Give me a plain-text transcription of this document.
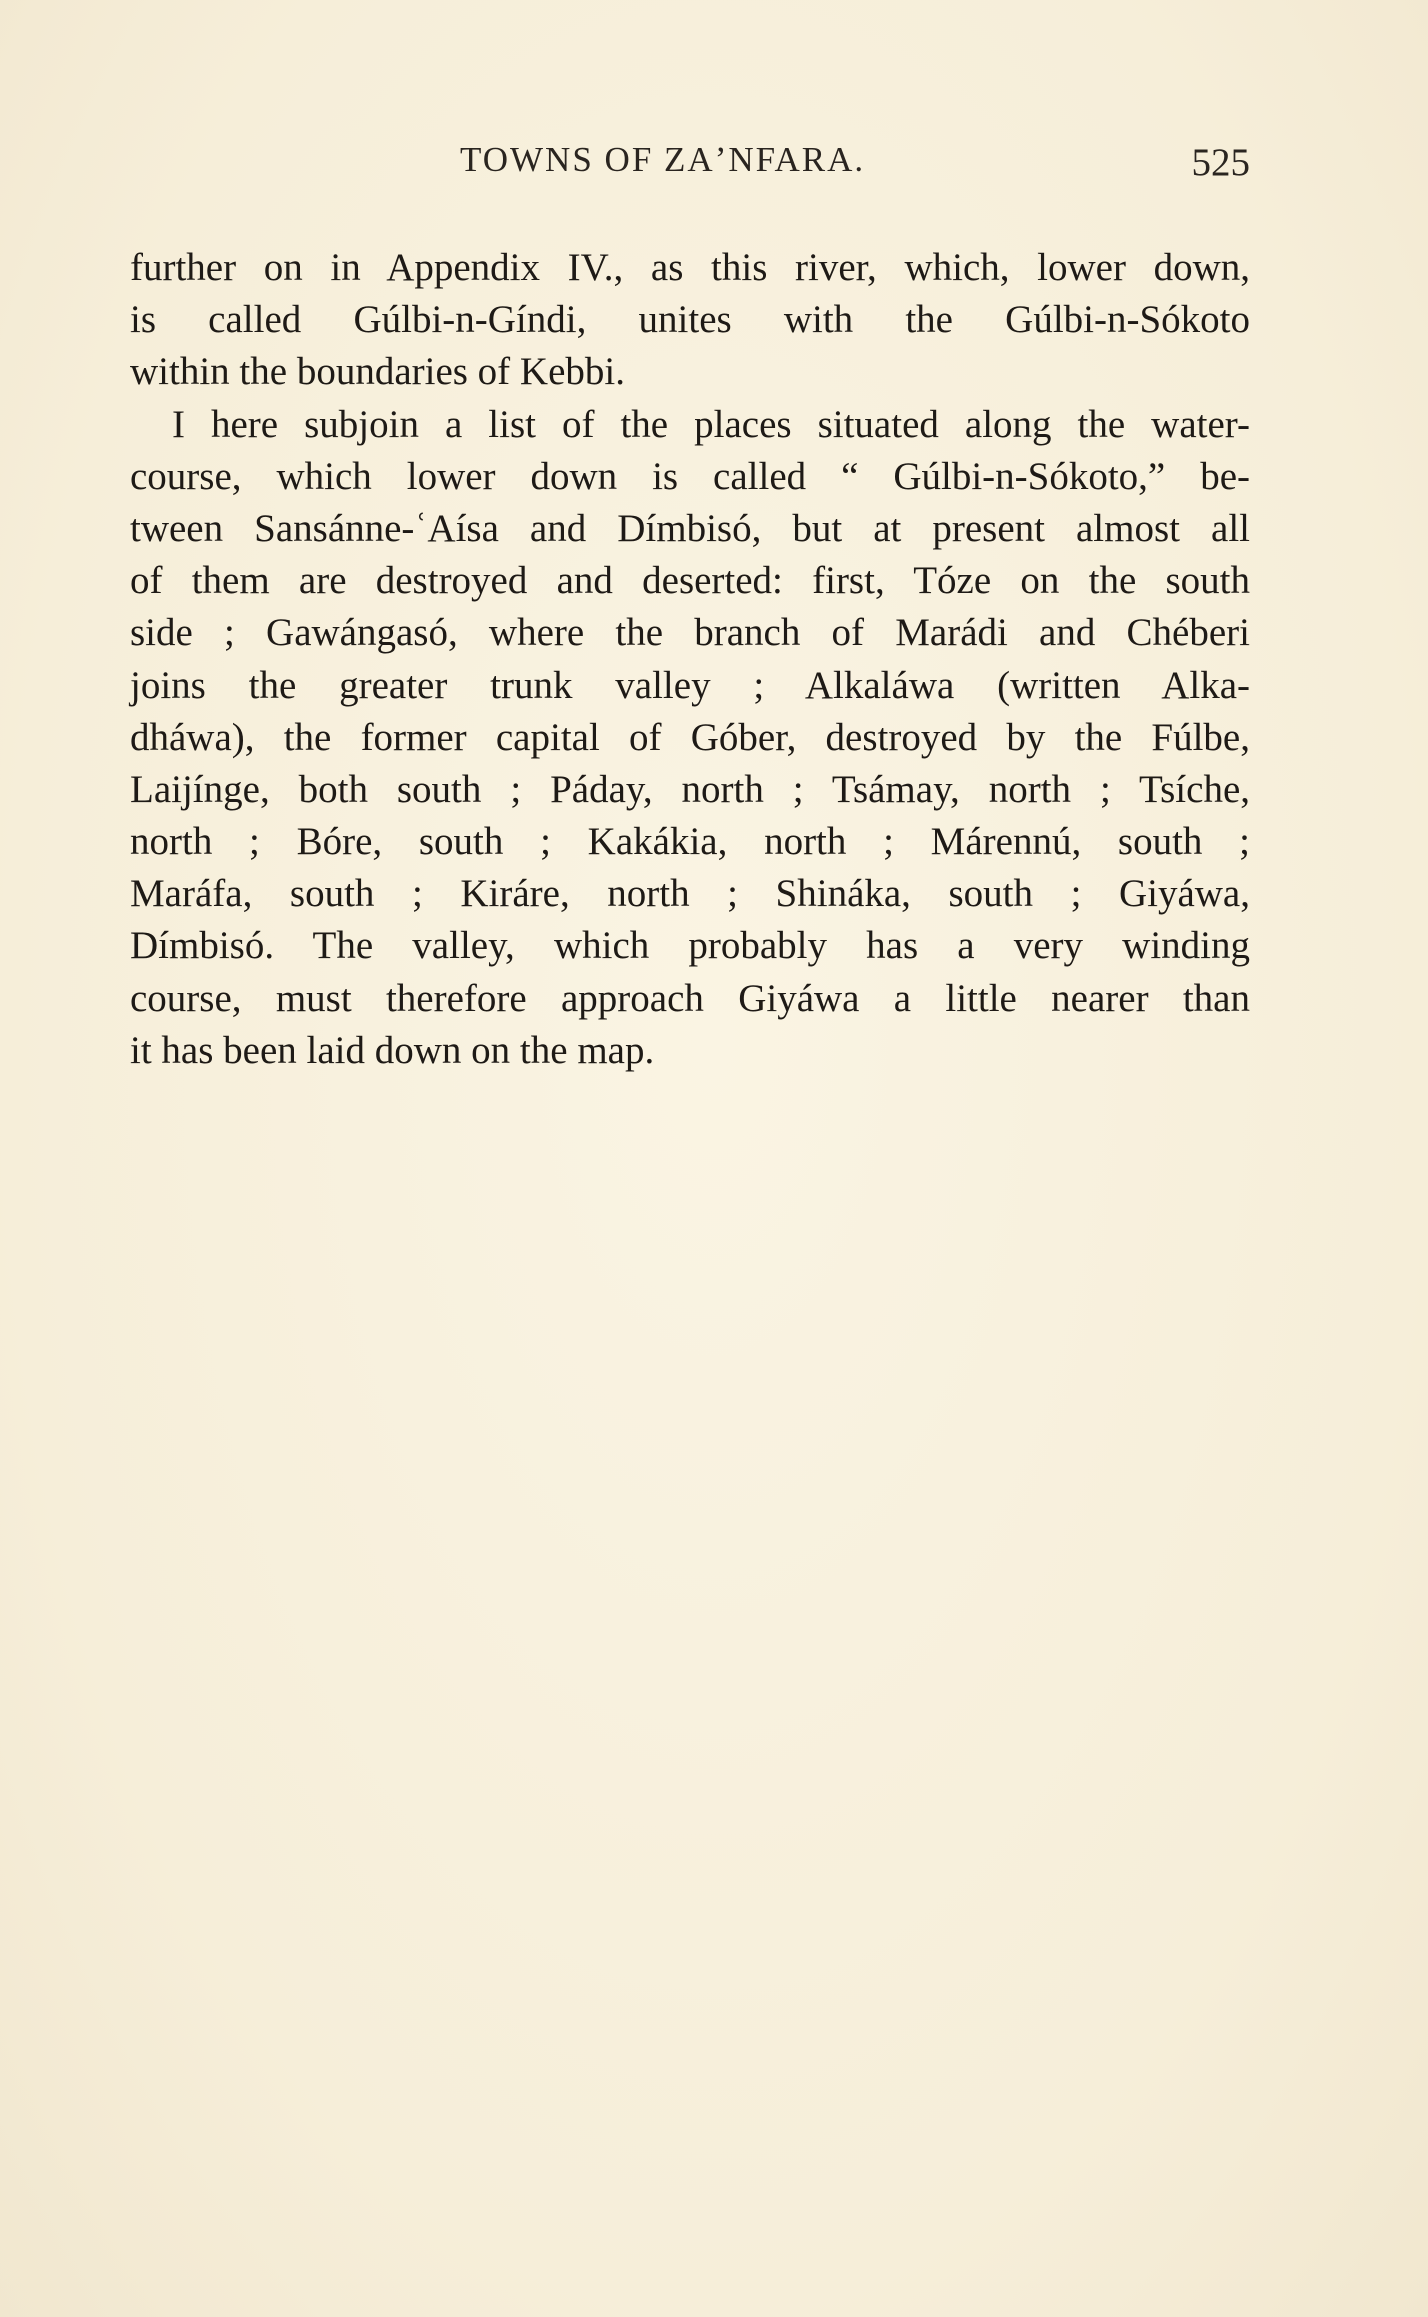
TOWNS OF ZAʼNFARA.	525

further on in Appendix IV., as this river, which, lower down,
is called Gúlbi-n-Gíndi, unites with the Gúlbi-n-Sókoto
within the boundaries of Kebbi.

I here subjoin a list of the places situated along the water-
course, which lower down is called “ Gúlbi-n-Sókoto,” be-
tween Sansánne-ʿAísa and Dímbisó, but at present almost all
of them are destroyed and deserted: first, Tóze on the south
side ; Gawángasó, where the branch of Marádi and Chéberi
joins the greater trunk valley ; Alkaláwa (written Alka-
dháwa), the former capital of Góber, destroyed by the Fúlbe,
Laijínge, both south ; Páday, north ; Tsámay, north ; Tsíche,
north ; Bóre, south ; Kakákia, north ; Márennú, south ;
Maráfa, south ; Kiráre, north ; Shináka, south ; Giyáwa,
Dímbisó. The valley, which probably has a very winding
course, must therefore approach Giyáwa a little nearer than
it has been laid down on the map.
